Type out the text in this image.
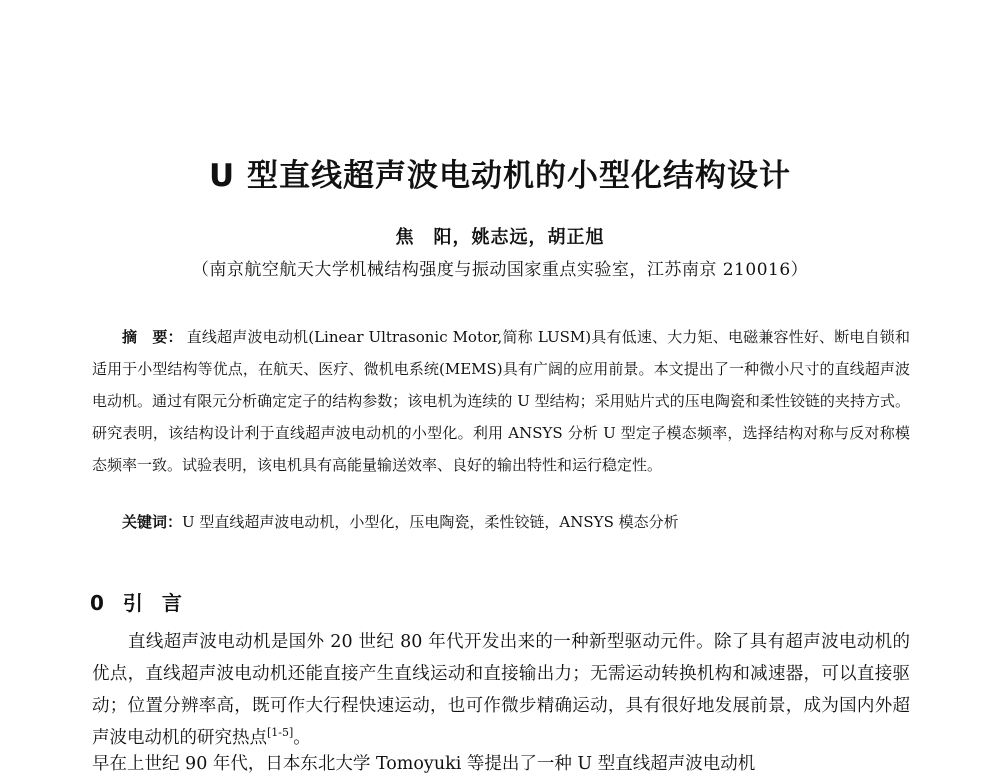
U 型直线超声波电动机的小型化结构设计
焦　阳，姚志远，胡正旭
（南京航空航天大学机械结构强度与振动国家重点实验室，江苏南京 210016）
摘　要： 直线超声波电动机(Linear Ultrasonic Motor,简称 LUSM)具有低速、大力矩、电磁兼容性好、断电自锁和适用于小型结构等优点，在航天、医疗、微机电系统(MEMS)具有广阔的应用前景。本文提出了一种微小尺寸的直线超声波电动机。通过有限元分析确定定子的结构参数；该电机为连续的 U 型结构；采用贴片式的压电陶瓷和柔性铰链的夹持方式。研究表明，该结构设计利于直线超声波电动机的小型化。利用 ANSYS 分析 U 型定子模态频率，选择结构对称与反对称模态频率一致。试验表明，该电机具有高能量输送效率、良好的输出特性和运行稳定性。
关键词：U 型直线超声波电动机，小型化，压电陶瓷，柔性铰链，ANSYS 模态分析
0 引 言
直线超声波电动机是国外 20 世纪 80 年代开发出来的一种新型驱动元件。除了具有超声波电动机的优点，直线超声波电动机还能直接产生直线运动和直接输出力；无需运动转换机构和减速器，可以直接驱动；位置分辨率高，既可作大行程快速运动，也可作微步精确运动，具有很好地发展前景，成为国内外超声波电动机的研究热点[1-5]。
早在上世纪 90 年代，日本东北大学 Tomoyuki 等提出了一种 U 型直线超声波电动机
